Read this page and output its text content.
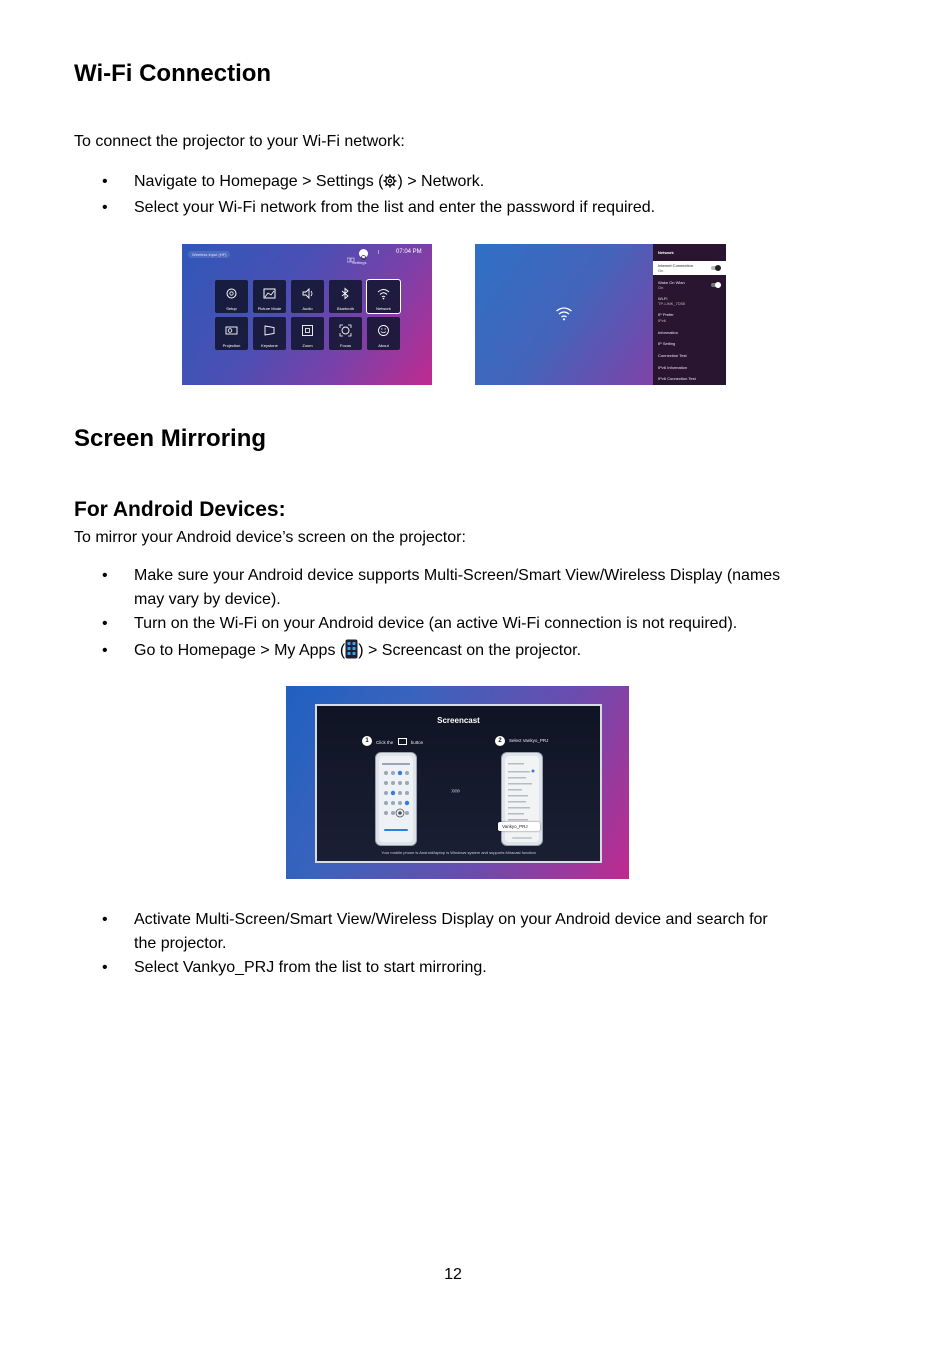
Wi-Fi Connection

To connect the projector to your Wi-Fi network:

• Navigate to Homepage > Settings ( ) > Network.
• Select your Wi-Fi network from the list and enter the password if required.
Wireless Input (HF)
Settings
ǀ	07:04 PM
Setup	Picture Mode	Audio	Bluetooth	Network
Projection	Keystone	Zoom	Focus	About
Network
Internet Connection
On
Wake On Wlan
On
Wi-Fi
TP-LINK_7D55
IP Prefer
IPv6
Information
IP Setting
Connection Test
IPv6 Information
IPv6 Connection Test
Screen Mirroring
For Android Devices:

To mirror your Android device’s screen on the projector:

• Make sure your Android device supports Multi-Screen/Smart View/Wireless Display (names
may vary by device).
• Turn on the Wi-Fi on your Android device (an active Wi-Fi connection is not required).
• Go to Homepage > My Apps ( ) > Screencast on the projector.
Screencast
1	Click the	button	2	Select Vankyo_PRJ
›››››
Vankyo_PRJ
Your mobile phone is Android/laptop is Windows system and supports Miracast function
• Activate Multi-Screen/Smart View/Wireless Display on your Android device and search for
the projector.
• Select Vankyo_PRJ from the list to start mirroring.
12
